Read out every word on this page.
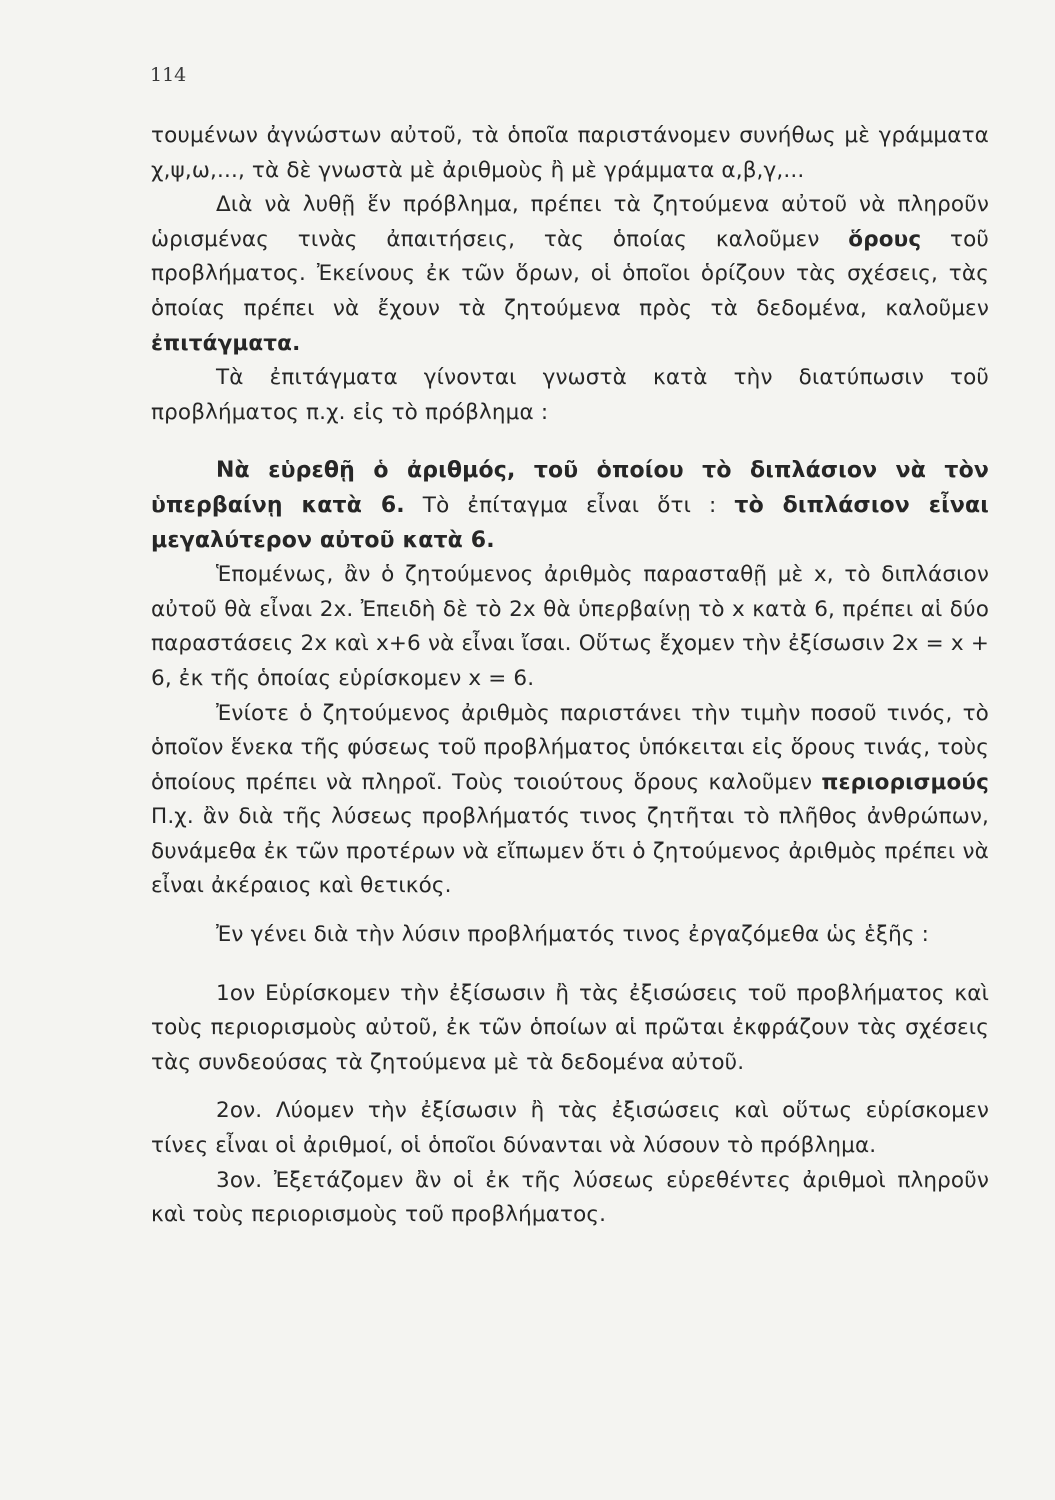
114

τουμένων ἀγνώστων αὐτοῦ, τὰ ὁποῖα παριστάνομεν συνήθως μὲ γράμματα χ,ψ,ω,..., τὰ δὲ γνωστὰ μὲ ἀριθμοὺς ἢ μὲ γράμματα α,β,γ,...

Διὰ νὰ λυθῇ ἕν πρόβλημα, πρέπει τὰ ζητούμενα αὐτοῦ νὰ πληροῦν ὡρισμένας τινὰς ἀπαιτήσεις, τὰς ὁποίας καλοῦμεν ὅρους τοῦ προβλήματος. Ἐκείνους ἐκ τῶν ὅρων, οἱ ὁποῖοι ὁρίζουν τὰς σχέσεις, τὰς ὁποίας πρέπει νὰ ἔχουν τὰ ζητούμενα πρὸς τὰ δεδομένα, καλοῦμεν ἐπιτάγματα.

Τὰ ἐπιτάγματα γίνονται γνωστὰ κατὰ τὴν διατύπωσιν τοῦ προβλήματος π.χ. εἰς τὸ πρόβλημα :

Νὰ εὑρεθῇ ὁ ἀριθμός, τοῦ ὁποίου τὸ διπλάσιον νὰ τὸν ὑπερβαίνῃ κατὰ 6. Τὸ ἐπίταγμα εἶναι ὅτι : τὸ διπλάσιον εἶναι μεγαλύτερον αὐτοῦ κατὰ 6.

Ἑπομένως, ἂν ὁ ζητούμενος ἀριθμὸς παρασταθῇ μὲ x, τὸ διπλάσιον αὐτοῦ θὰ εἶναι 2x. Ἐπειδὴ δὲ τὸ 2x θὰ ὑπερβαίνῃ τὸ x κατὰ 6, πρέπει αἱ δύο παραστάσεις 2x καὶ x+6 νὰ εἶναι ἴσαι. Οὕτως ἔχομεν τὴν ἐξίσωσιν 2x = x + 6, ἐκ τῆς ὁποίας εὑρίσκομεν x = 6.

Ἐνίοτε ὁ ζητούμενος ἀριθμὸς παριστάνει τὴν τιμὴν ποσοῦ τινός, τὸ ὁποῖον ἕνεκα τῆς φύσεως τοῦ προβλήματος ὑπόκειται εἰς ὅρους τινάς, τοὺς ὁποίους πρέπει νὰ πληροῖ. Τοὺς τοιούτους ὅρους καλοῦμεν περιορισμούς Π.χ. ἂν διὰ τῆς λύσεως προβλήματός τινος ζητῆται τὸ πλῆθος ἀνθρώπων, δυνάμεθα ἐκ τῶν προτέρων νὰ εἴπωμεν ὅτι ὁ ζητούμενος ἀριθμὸς πρέπει νὰ εἶναι ἀκέραιος καὶ θετικός.

Ἐν γένει διὰ τὴν λύσιν προβλήματός τινος ἐργαζόμεθα ὡς ἑξῆς :

1ον Εὑρίσκομεν τὴν ἐξίσωσιν ἢ τὰς ἐξισώσεις τοῦ προβλήματος καὶ τοὺς περιορισμοὺς αὐτοῦ, ἐκ τῶν ὁποίων αἱ πρῶται ἐκφράζουν τὰς σχέσεις τὰς συνδεούσας τὰ ζητούμενα μὲ τὰ δεδομένα αὐτοῦ.

2ον. Λύομεν τὴν ἐξίσωσιν ἢ τὰς ἐξισώσεις καὶ οὕτως εὑρίσκομεν τίνες εἶναι οἱ ἀριθμοί, οἱ ὁποῖοι δύνανται νὰ λύσουν τὸ πρόβλημα.

3ον. Ἐξετάζομεν ἂν οἱ ἐκ τῆς λύσεως εὑρεθέντες ἀριθμοὶ πληροῦν καὶ τοὺς περιορισμοὺς τοῦ προβλήματος.
